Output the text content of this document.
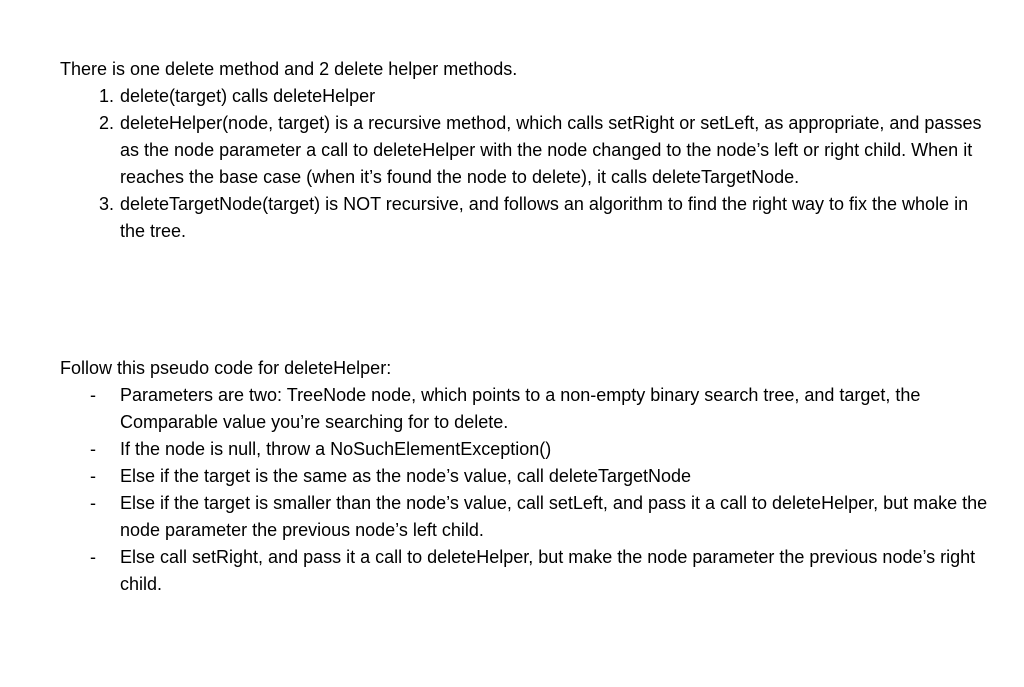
There is one delete method and 2 delete helper methods.

1. delete(target) calls deleteHelper
2. deleteHelper(node, target) is a recursive method, which calls setRight or setLeft, as appropriate, and passes as the node parameter a call to deleteHelper with the node changed to the node’s left or right child. When it reaches the base case (when it’s found the node to delete), it calls deleteTargetNode.
3. deleteTargetNode(target) is NOT recursive, and follows an algorithm to find the right way to fix the whole in the tree.

Follow this pseudo code for deleteHelper:

-	Parameters are two: TreeNode node, which points to a non-empty binary search tree, and target, the Comparable value you’re searching for to delete.
-	If the node is null, throw a NoSuchElementException()
-	Else if the target is the same as the node’s value, call deleteTargetNode
-	Else if the target is smaller than the node’s value, call setLeft, and pass it a call to deleteHelper, but make the node parameter the previous node’s left child.
-	Else call setRight, and pass it a call to deleteHelper, but make the node parameter the previous node’s right child.
